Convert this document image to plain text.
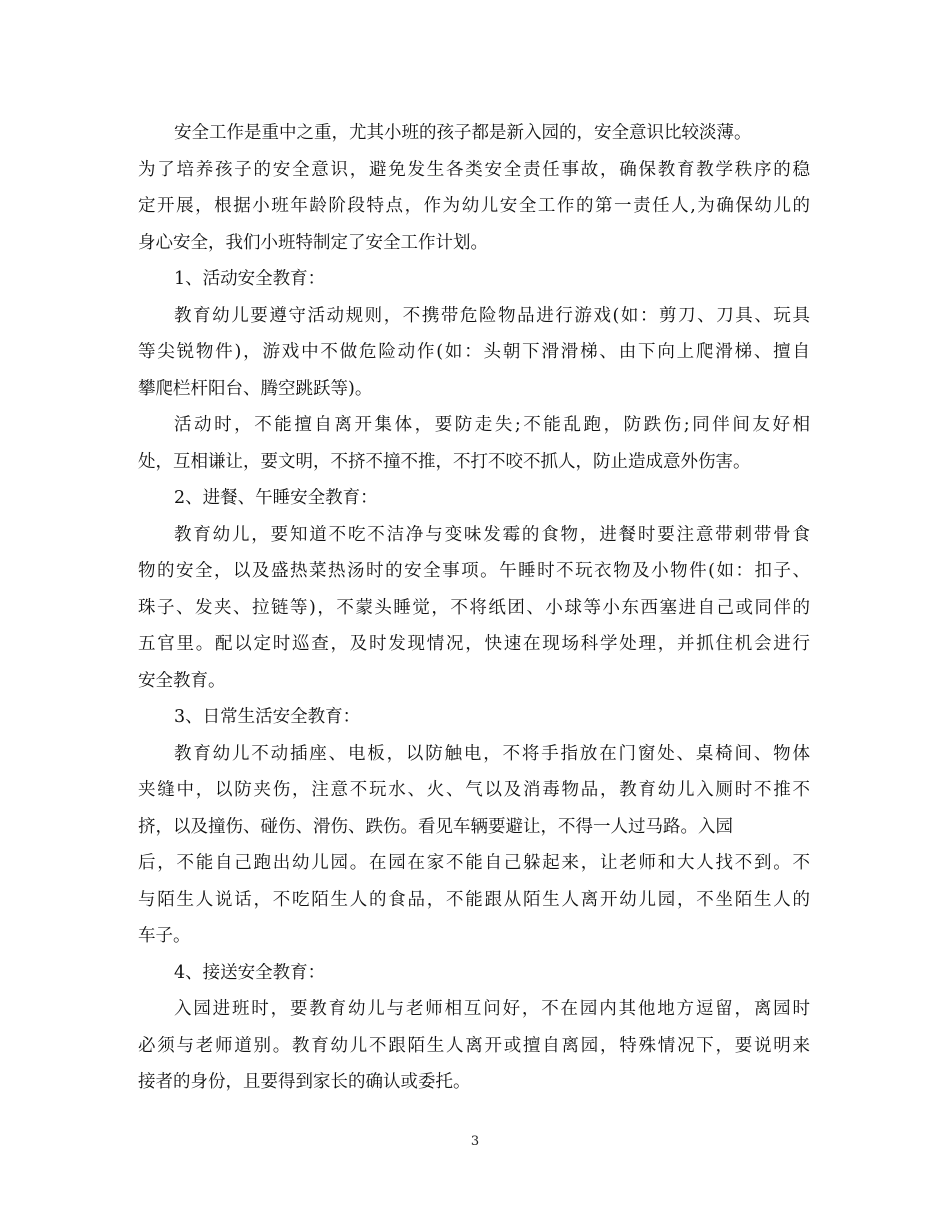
安全工作是重中之重，尤其小班的孩子都是新入园的，安全意识比较淡薄。
为了培养孩子的安全意识，避免发生各类安全责任事故，确保教育教学秩序的稳
定开展，根据小班年龄阶段特点，作为幼儿安全工作的第一责任人,为确保幼儿的
身心安全，我们小班特制定了安全工作计划。
1、活动安全教育：
教育幼儿要遵守活动规则，不携带危险物品进行游戏(如：剪刀、刀具、玩具
等尖锐物件)，游戏中不做危险动作(如：头朝下滑滑梯、由下向上爬滑梯、擅自
攀爬栏杆阳台、腾空跳跃等)。
活动时，不能擅自离开集体，要防走失;不能乱跑，防跌伤;同伴间友好相
处，互相谦让，要文明，不挤不撞不推，不打不咬不抓人，防止造成意外伤害。
2、进餐、午睡安全教育：
教育幼儿，要知道不吃不洁净与变味发霉的食物，进餐时要注意带刺带骨食
物的安全，以及盛热菜热汤时的安全事项。午睡时不玩衣物及小物件(如：扣子、
珠子、发夹、拉链等)，不蒙头睡觉，不将纸团、小球等小东西塞进自己或同伴的
五官里。配以定时巡查，及时发现情况，快速在现场科学处理，并抓住机会进行
安全教育。
3、日常生活安全教育：
教育幼儿不动插座、电板，以防触电，不将手指放在门窗处、桌椅间、物体
夹缝中，以防夹伤，注意不玩水、火、气以及消毒物品，教育幼儿入厕时不推不
挤，以及撞伤、碰伤、滑伤、跌伤。看见车辆要避让，不得一人过马路。入园
后，不能自己跑出幼儿园。在园在家不能自己躲起来，让老师和大人找不到。不
与陌生人说话，不吃陌生人的食品，不能跟从陌生人离开幼儿园，不坐陌生人的
车子。
4、接送安全教育：
入园进班时，要教育幼儿与老师相互问好，不在园内其他地方逗留，离园时
必须与老师道别。教育幼儿不跟陌生人离开或擅自离园，特殊情况下，要说明来
接者的身份，且要得到家长的确认或委托。
3
